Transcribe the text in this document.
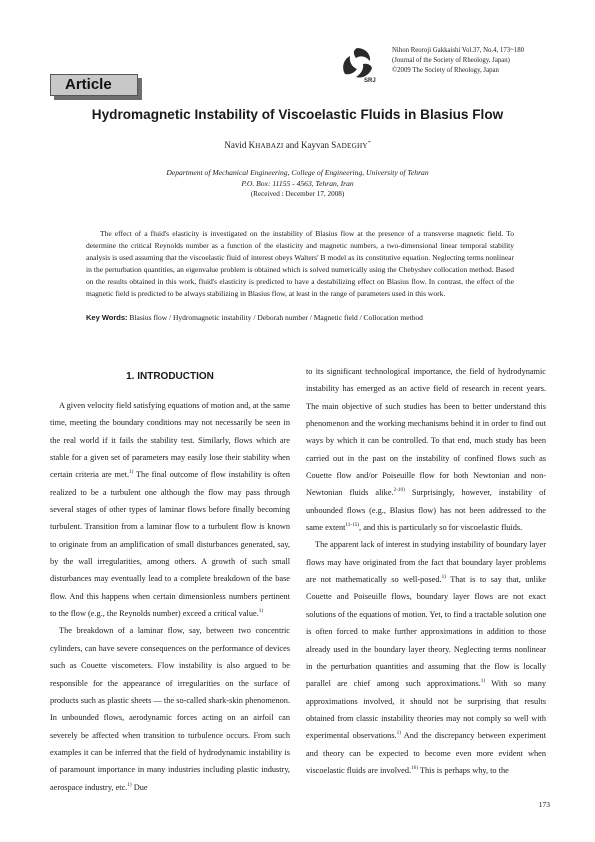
SRJ
Nihon Reoroji Gakkaishi Vol.37, No.4, 173~180
(Journal of the Society of Rheology, Japan)
©2009 The Society of Rheology, Japan
Article
Hydromagnetic Instability of Viscoelastic Fluids in Blasius Flow
Navid KHABAZI and Kayvan SADEGHY*
Department of Mechanical Engineering, College of Engineering, University of Tehran
P.O. Box: 11155 - 4563, Tehran, Iran
(Received : December 17, 2008)

The effect of a fluid's elasticity is investigated on the instability of Blasius flow at the presence of a transverse magnetic field. To determine the critical Reynolds number as a function of the elasticity and magnetic numbers, a two-dimensional linear temporal stability analysis is used assuming that the viscoelastic fluid of interest obeys Walters' B model as its constitutive equation. Neglecting terms nonlinear in the perturbation quantities, an eigenvalue problem is obtained which is solved numerically using the Chebyshev collocation method. Based on the results obtained in this work, fluid's elasticity is predicted to have a destabilizing effect on Blasius flow. In contrast, the effect of the magnetic field is predicted to be always stabilizing in Blasius flow, at least in the range of parameters used in this work.

Key Words: Blasius flow / Hydromagnetic instability / Deborah number / Magnetic field / Collocation method
1. INTRODUCTION

A given velocity field satisfying equations of motion and, at the same time, meeting the boundary conditions may not necessarily be seen in the real world if it fails the stability test. Similarly, flows which are stable for a given set of parameters may easily lose their stability when certain criteria are met.$^{1)}$ The final outcome of flow instability is often realized to be a turbulent one although the flow may pass through several stages of other types of laminar flows before finally becoming turbulent. Transition from a laminar flow to a turbulent flow is known to originate from an amplification of small disturbances generated, say, by the wall irregularities, among others. A growth of such small disturbances may eventually lead to a complete breakdown of the base flow. And this happens when certain dimensionless numbers pertinent to the flow (e.g., the Reynolds number) exceed a critical value.$^{1)}$

The breakdown of a laminar flow, say, between two concentric cylinders, can have severe consequences on the performance of devices such as Couette viscometers. Flow instability is also argued to be responsible for the appearance of irregularities on the surface of products such as plastic sheets — the so-called shark-skin phenomenon. In unbounded flows, aerodynamic forces acting on an airfoil can severely be affected when transition to turbulence occurs. From such examples it can be inferred that the field of hydrodynamic instability is of paramount importance in many industries including plastic industry, aerospace industry, etc.$^{1)}$ Due

to its significant technological importance, the field of hydrodynamic instability has emerged as an active field of research in recent years. The main objective of such studies has been to better understand this phenomenon and the working mechanisms behind it in order to find out ways by which it can be controlled. To that end, much study has been carried out in the past on the instability of confined flows such as Couette flow and/or Poiseuille flow for both Newtonian and non-Newtonian fluids alike.$^{2-10)}$ Surprisingly, however, instability of unbounded flows (e.g., Blasius flow) has not been addressed to the same extent$^{11-15)}$, and this is particularly so for viscoelastic fluids.

The apparent lack of interest in studying instability of boundary layer flows may have originated from the fact that boundary layer problems are not mathematically so well-posed.$^{1)}$ That is to say that, unlike Couette and Poiseuille flows, boundary layer flows are not exact solutions of the equations of motion. Yet, to find a tractable solution one is often forced to make further approximations in addition to those already used in the boundary layer theory. Neglecting terms nonlinear in the perturbation quantities and assuming that the flow is locally parallel are chief among such approximations.$^{1)}$ With so many approximations involved, it should not be surprising that results obtained from classic instability theories may not comply so well with experimental observations.$^{1)}$ And the discrepancy between experiment and theory can be expected to become even more evident when viscoelastic fluids are involved.$^{16)}$ This is perhaps why, to the

173
